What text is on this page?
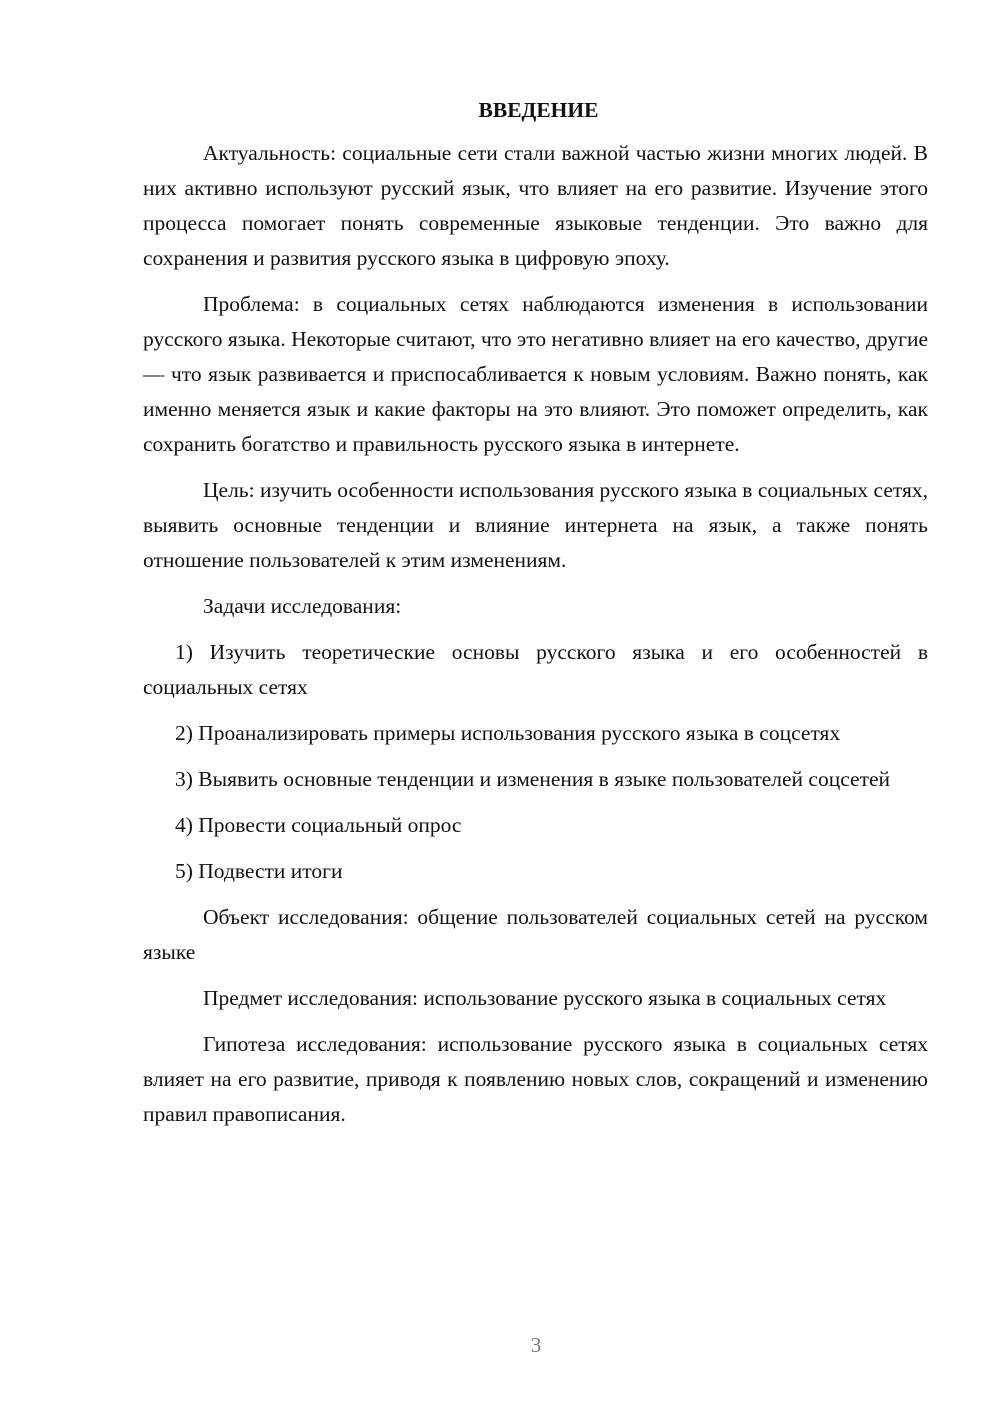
ВВЕДЕНИЕ

Актуальность: социальные сети стали важной частью жизни многих людей. В них активно используют русский язык, что влияет на его развитие. Изучение этого процесса помогает понять современные языковые тенденции. Это важно для сохранения и развития русского языка в цифровую эпоху.

Проблема: в социальных сетях наблюдаются изменения в использовании русского языка. Некоторые считают, что это негативно влияет на его качество, другие — что язык развивается и приспосабливается к новым условиям. Важно понять, как именно меняется язык и какие факторы на это влияют. Это поможет определить, как сохранить богатство и правильность русского языка в интернете.

Цель: изучить особенности использования русского языка в социальных сетях, выявить основные тенденции и влияние интернета на язык, а также понять отношение пользователей к этим изменениям.

Задачи исследования:

1) Изучить теоретические основы русского языка и его особенностей в социальных сетях

2) Проанализировать примеры использования русского языка в соцсетях

3) Выявить основные тенденции и изменения в языке пользователей соцсетей

4) Провести социальный опрос

5) Подвести итоги

Объект исследования: общение пользователей социальных сетей на русском языке

Предмет исследования: использование русского языка в социальных сетях

Гипотеза исследования: использование русского языка в социальных сетях влияет на его развитие, приводя к появлению новых слов, сокращений и изменению правил правописания.

3
